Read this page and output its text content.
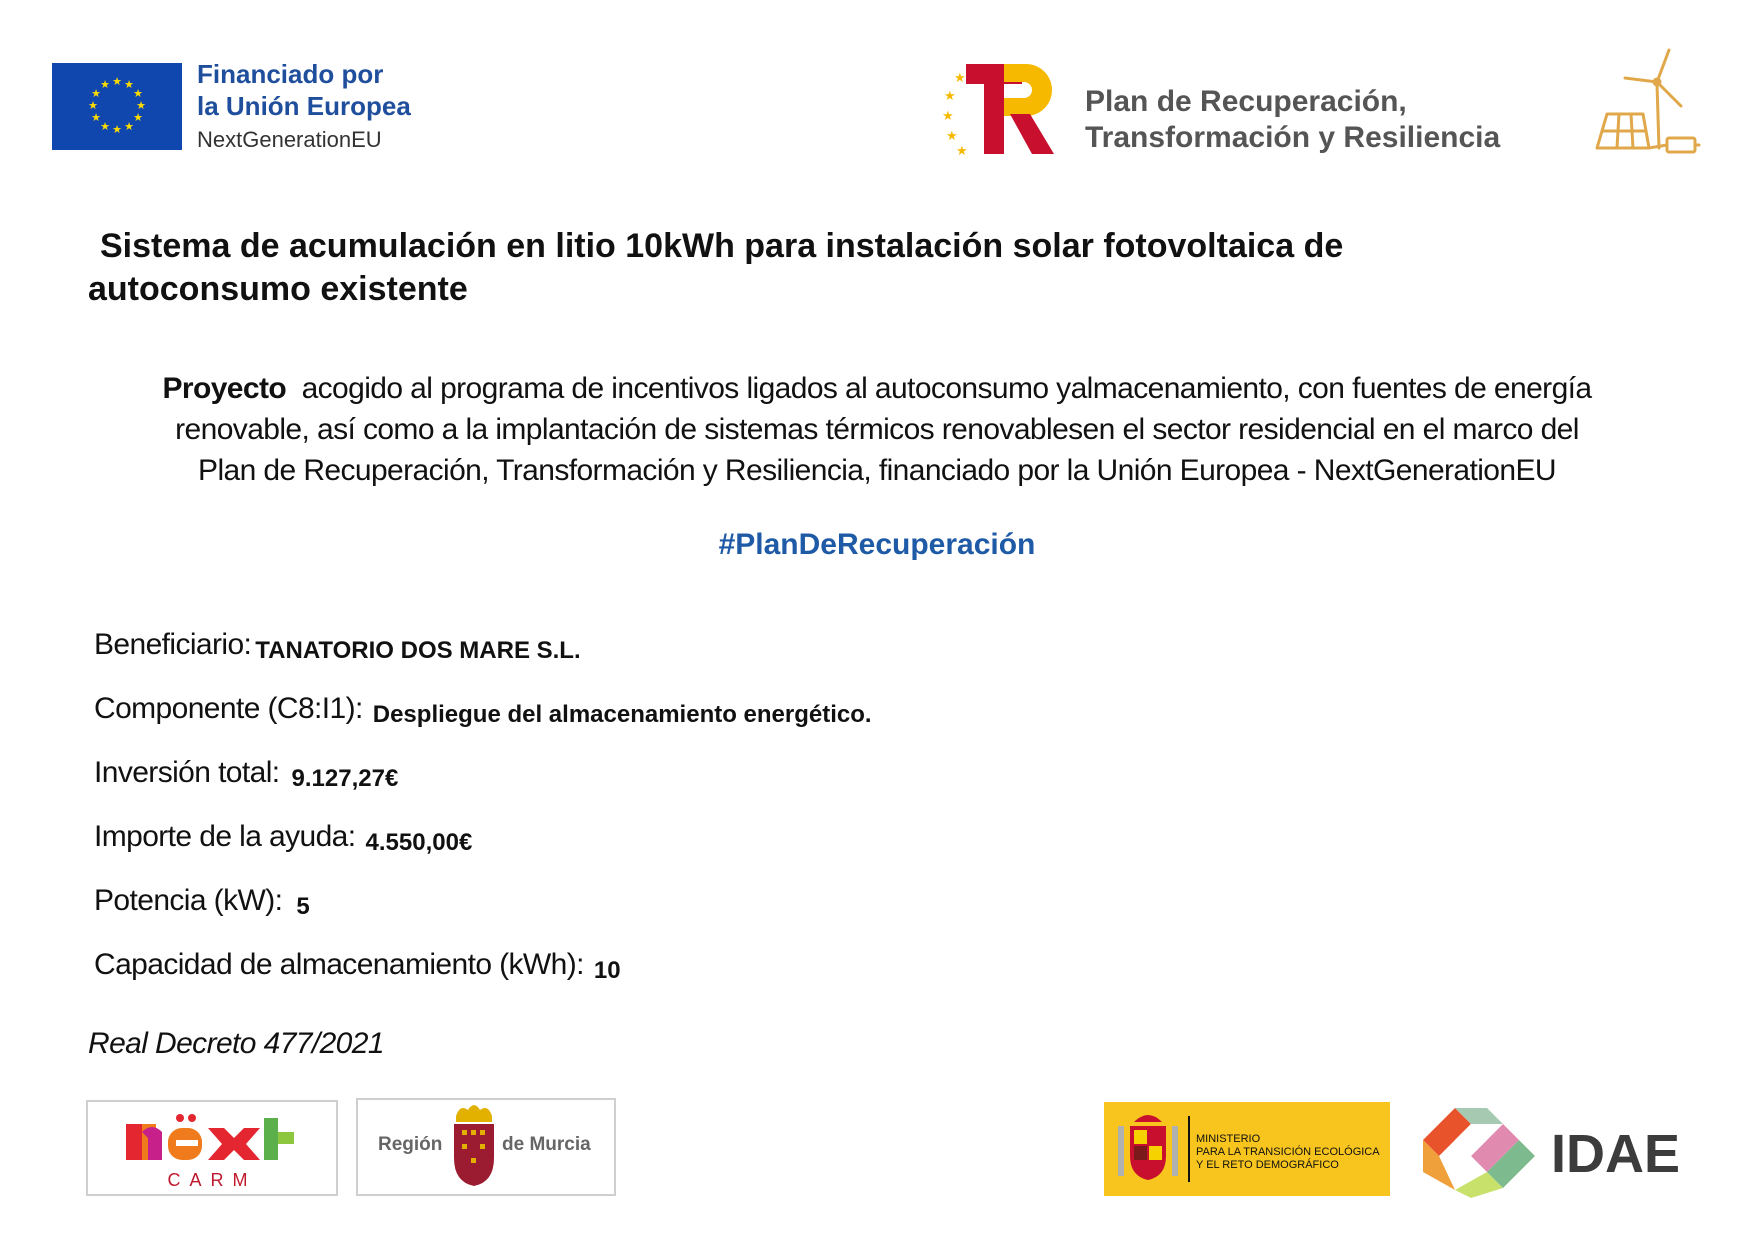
★ ★
★
★
★
★
★
★
★
★
★
★	Financiado por
la Unión Europea
NextGenerationEU
★
★
★
★
★
Plan de Recuperación,
Transformación y Resiliencia
Sistema de acumulación en litio 10kWh para instalación solar fotovoltaica de
autoconsumo existente
Proyecto  acogido al programa de incentivos ligados al autoconsumo yalmacenamiento, con fuentes de energía
renovable, así como a la implantación de sistemas térmicos renovablesen el sector residencial en el marco del
Plan de Recuperación, Transformación y Resiliencia, financiado por la Unión Europea - NextGenerationEU
#PlanDeRecuperación
Beneficiario: TANATORIO DOS MARE S.L.
Componente (C8:I1): Despliegue del almacenamiento energético.
Inversión total: 9.127,27€
Importe de la ayuda: 4.550,00€
Potencia (kW): 5
Capacidad de almacenamiento (kWh): 10
Real Decreto 477/2021
CARM
Región	de Murcia	MINISTERIO
PARA LA TRANSICIÓN ECOLÓGICA
Y EL RETO DEMOGRÁFICO	IDAE
